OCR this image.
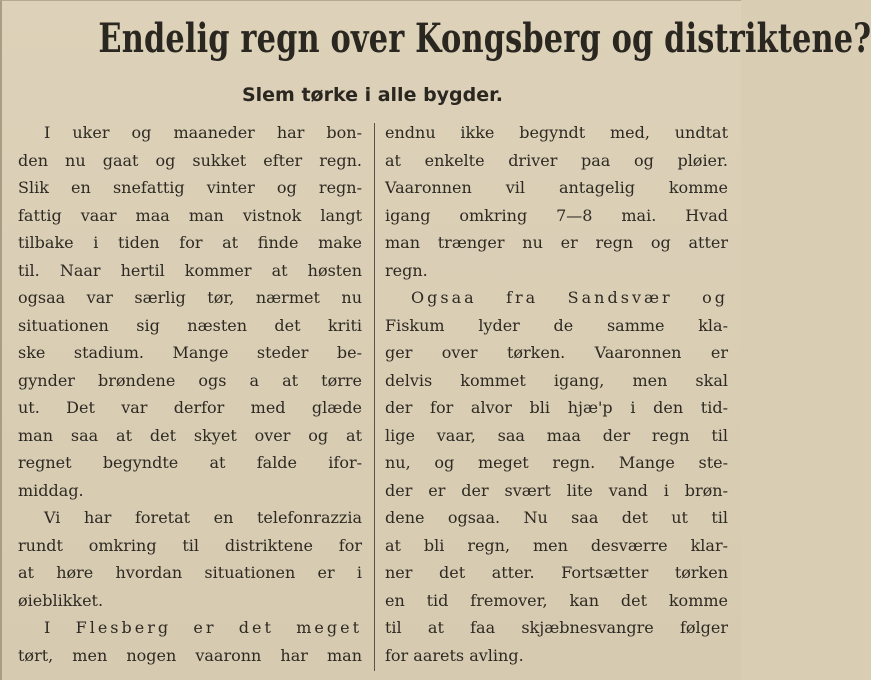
Endelig regn over Kongsberg og distriktene?
Slem tørke i alle bygder.
I uker og maaneder har bon-
den nu gaat og sukket efter regn.
Slik en snefattig vinter og regn-
fattig vaar maa man vistnok langt
tilbake i tiden for at finde make
til. Naar hertil kommer at høsten
ogsaa var særlig tør, nærmet nu
situationen sig næsten det kriti
ske stadium. Mange steder be-
gynder brøndene ogs a at tørre
ut. Det var derfor med glæde
man saa at det skyet over og at
regnet begyndte at falde ifor-
middag.
Vi har foretat en telefonrazzia
rundt omkring til distriktene for
at høre hvordan situationen er i
øieblikket.
I Flesberg er det meget
tørt, men nogen vaaronn har man
endnu ikke begyndt med, undtat
at enkelte driver paa og pløier.
Vaaronnen vil antagelig komme
igang omkring 7—8 mai. Hvad
man trænger nu er regn og atter
regn.
Ogsaa fra Sandsvær og
Fiskum lyder de samme kla-
ger over tørken. Vaaronnen er
delvis kommet igang, men skal
der for alvor bli hjæ'p i den tid-
lige vaar, saa maa der regn til
nu, og meget regn. Mange ste-
der er der svært lite vand i brøn-
dene ogsaa. Nu saa det ut til
at bli regn, men desværre klar-
ner det atter. Fortsætter tørken
en tid fremover, kan det komme
til at faa skjæbnesvangre følger
for aarets avling.
